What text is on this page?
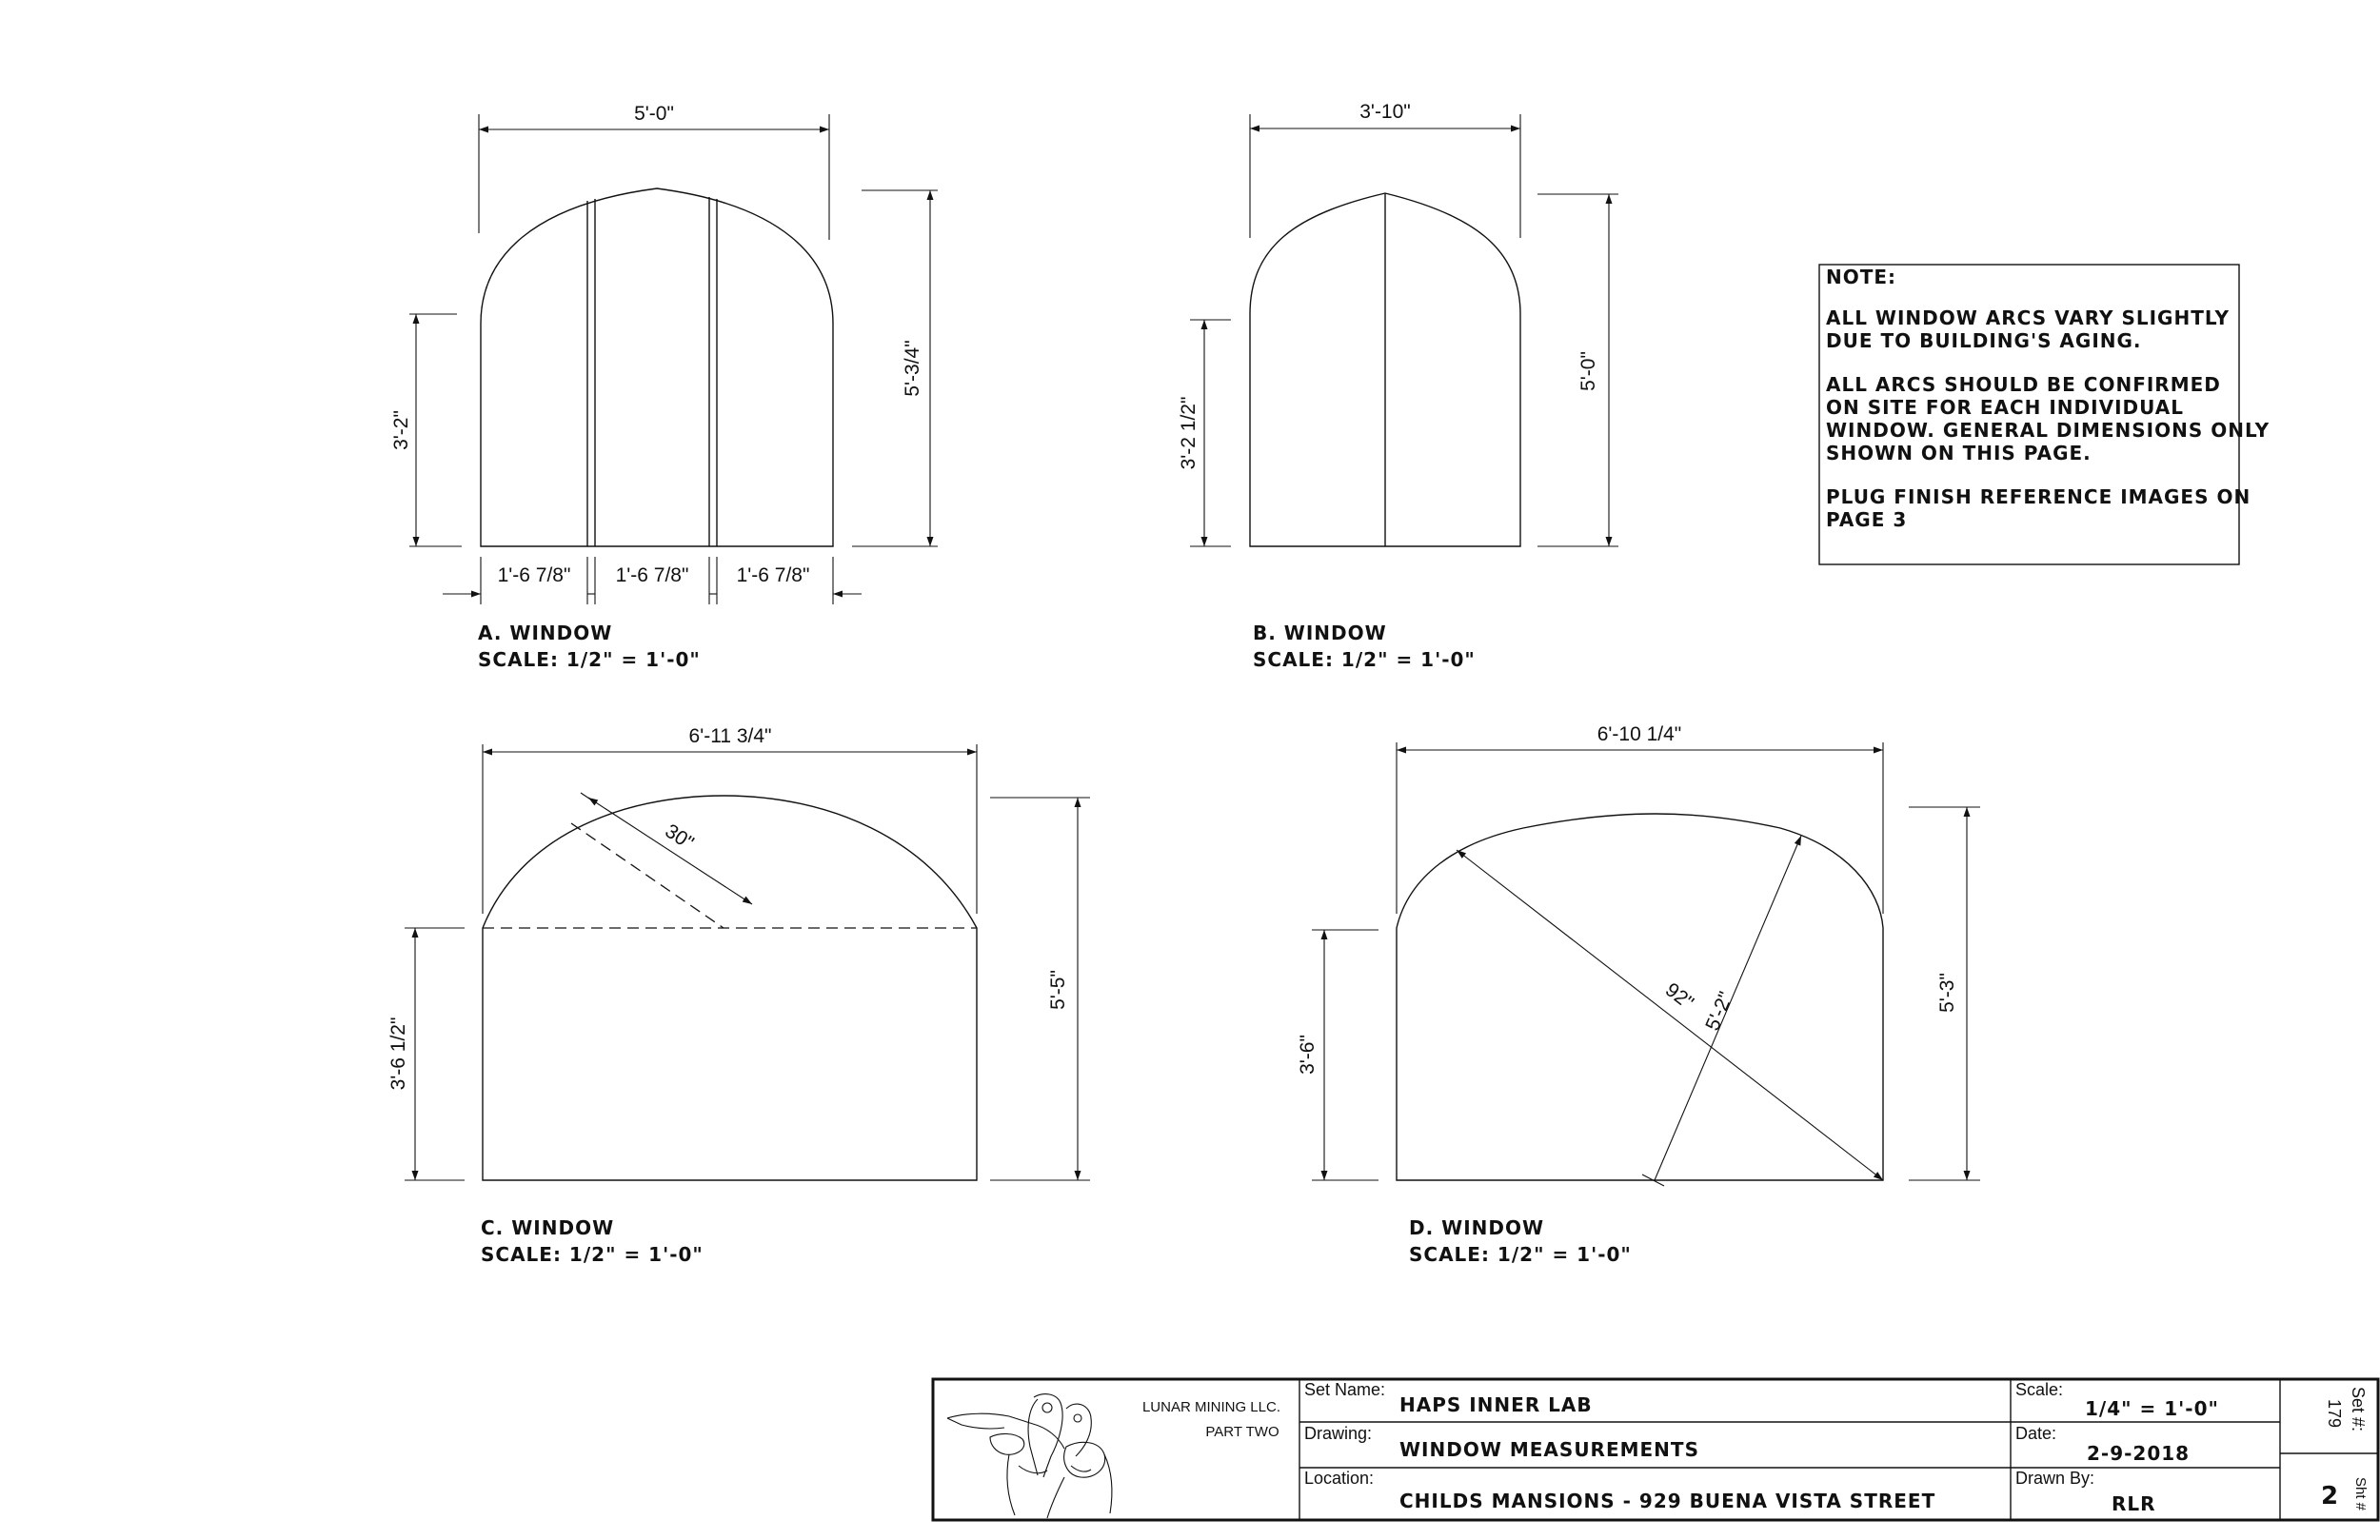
5'-0"
3'-2"
5'-3/4"
1'-6 7/8" 1'-6 7/8" 1'-6 7/8"
A. WINDOW
SCALE: 1/2" = 1'-0"
3'-10"
3'-2 1/2"
5'-0"
B. WINDOW
SCALE: 1/2" = 1'-0"
NOTE:
ALL WINDOW ARCS VARY SLIGHTLY
DUE TO BUILDING'S AGING.
ALL ARCS SHOULD BE CONFIRMED
ON SITE FOR EACH INDIVIDUAL
WINDOW. GENERAL DIMENSIONS ONLY
SHOWN ON THIS PAGE.
PLUG FINISH REFERENCE IMAGES ON
PAGE 3
30"
6'-11 3/4"
3'-6 1/2"
5'-5"
C. WINDOW
SCALE: 1/2" = 1'-0"
92" 5'-2"
6'-10 1/4"
3'-6"
5'-3"
D. WINDOW
SCALE: 1/2" = 1'-0"
LUNAR MINING LLC.
PART TWO
Set Name:
HAPS INNER LAB
Drawing:
WINDOW MEASUREMENTS
Location:
CHILDS MANSIONS - 929 BUENA VISTA STREET
Scale:
1/4" = 1'-0"
Date:
2-9-2018
Drawn By:
RLR
Set #:
179
Sht #
2
